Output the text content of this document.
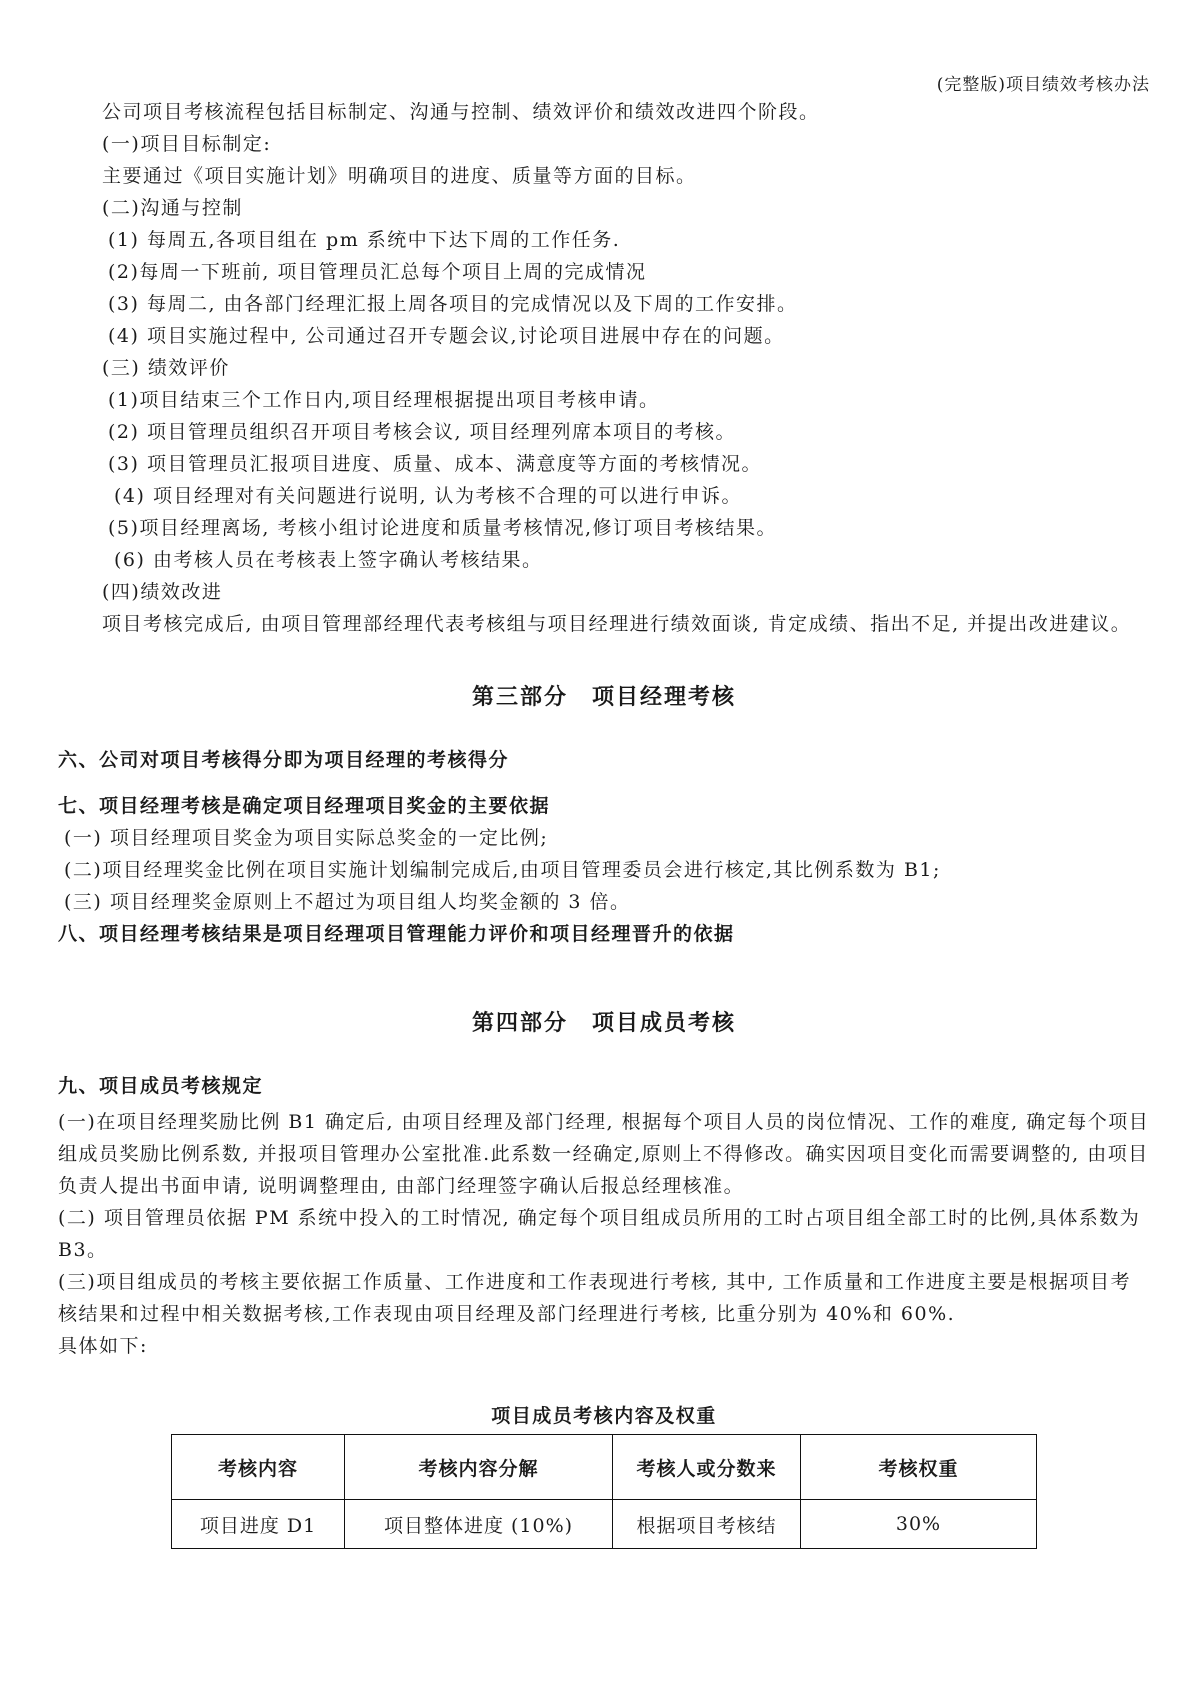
(完整版)项目绩效考核办法

公司项目考核流程包括目标制定、沟通与控制、绩效评价和绩效改进四个阶段。

(一)项目目标制定:

主要通过《项目实施计划》明确项目的进度、质量等方面的目标。

(二)沟通与控制

(1) 每周五,各项目组在 pm 系统中下达下周的工作任务.

(2)每周一下班前, 项目管理员汇总每个项目上周的完成情况

(3) 每周二, 由各部门经理汇报上周各项目的完成情况以及下周的工作安排。

(4) 项目实施过程中, 公司通过召开专题会议,讨论项目进展中存在的问题。

(三) 绩效评价

(1)项目结束三个工作日内,项目经理根据提出项目考核申请。

(2) 项目管理员组织召开项目考核会议, 项目经理列席本项目的考核。

(3) 项目管理员汇报项目进度、质量、成本、满意度等方面的考核情况。

(4) 项目经理对有关问题进行说明, 认为考核不合理的可以进行申诉。

(5)项目经理离场, 考核小组讨论进度和质量考核情况,修订项目考核结果。

(6) 由考核人员在考核表上签字确认考核结果。

(四)绩效改进

项目考核完成后, 由项目管理部经理代表考核组与项目经理进行绩效面谈, 肯定成绩、指出不足, 并提出改进建议。

第三部分　项目经理考核

六、公司对项目考核得分即为项目经理的考核得分

七、项目经理考核是确定项目经理项目奖金的主要依据

(一) 项目经理项目奖金为项目实际总奖金的一定比例;

(二)项目经理奖金比例在项目实施计划编制完成后,由项目管理委员会进行核定,其比例系数为 B1;

(三) 项目经理奖金原则上不超过为项目组人均奖金额的 3 倍。

八、项目经理考核结果是项目经理项目管理能力评价和项目经理晋升的依据

第四部分　项目成员考核

九、项目成员考核规定

(一)在项目经理奖励比例 B1 确定后, 由项目经理及部门经理, 根据每个项目人员的岗位情况、工作的难度, 确定每个项目组成员奖励比例系数, 并报项目管理办公室批准.此系数一经确定,原则上不得修改。确实因项目变化而需要调整的, 由项目负责人提出书面申请, 说明调整理由, 由部门经理签字确认后报总经理核准。

(二) 项目管理员依据 PM 系统中投入的工时情况, 确定每个项目组成员所用的工时占项目组全部工时的比例,具体系数为 B3。

(三)项目组成员的考核主要依据工作质量、工作进度和工作表现进行考核, 其中, 工作质量和工作进度主要是根据项目考核结果和过程中相关数据考核,工作表现由项目经理及部门经理进行考核, 比重分别为 40%和 60%.

具体如下:

项目成员考核内容及权重
考核内容	考核内容分解	考核人或分数来	考核权重
项目进度 D1	项目整体进度 (10%)	根据项目考核结	30%
